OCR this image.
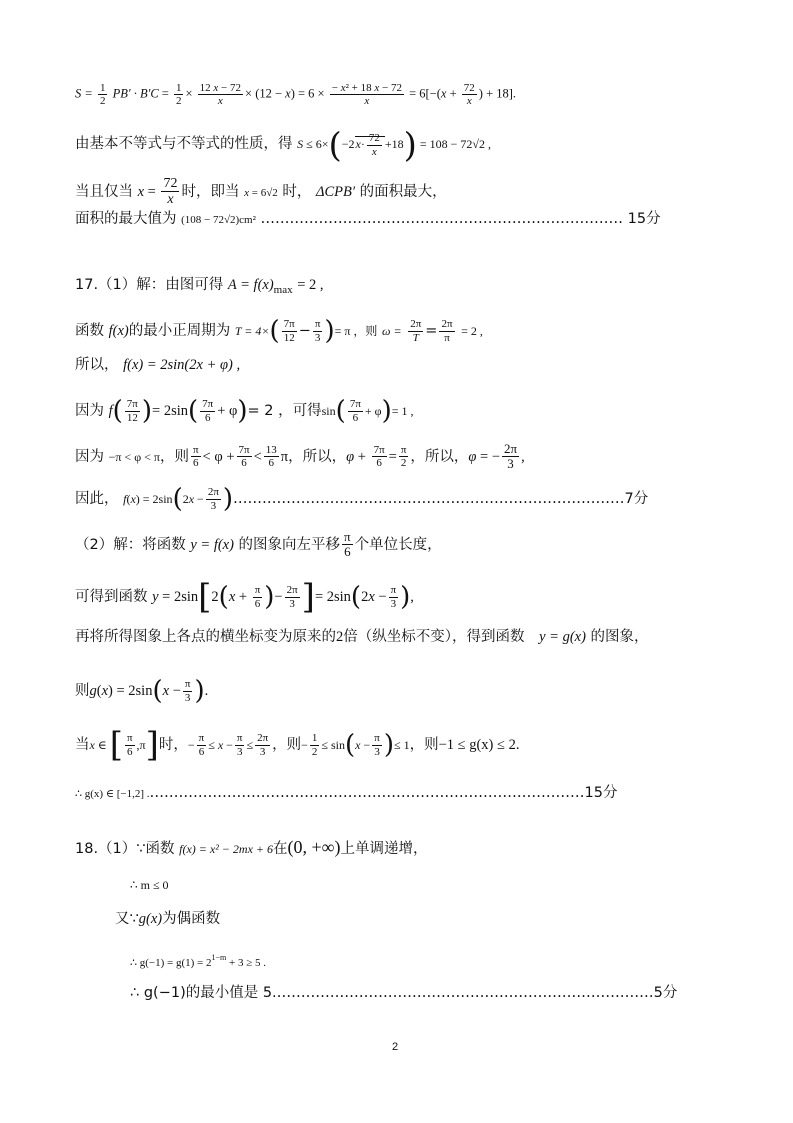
$S = \frac{1}{2} PB' \cdot B'C = \frac{1}{2} \times \frac{12 x - 72}{x} \times (12 - x) = 6 \times \frac{\text{− x² + 18 x − 72}}{x} = 6[-(x + \frac{72}{x}$ ) + 18].
由基本不等式与不等式的性质，得 $S \le 6\times(-2x\cdot \frac{72}{x} +18) = 108 - 72√2$ ,
当且仅当 $x = \frac{72}{x}$ 时，即当 x = 6√2 时， ΔCPB′ 的面积最大，
面积的最大值为 (108 − 72√2)cm² ………………………………………………………………… 15分
17.（1）解：由图可得 $A = f(x)_{max} = 2$ ,
函数 f(x)的最小正周期为 $T = 4\times( \frac{7\pi}{12} - \frac{\pi}{3}$ )= π ，则 $\omega = \frac{2\pi}{T} = \frac{2\pi}{\pi} = 2$ ,
所以， f(x) = 2sin(2x + φ) ,
因为 $f( \frac{7\pi}{12}$ )= $2\sin( \frac{7\pi}{6} + \varphi)= 2$ ，可得$\sin( \frac{7\pi}{6} + \varphi)= 1$ ,
因为 −π < φ < π，则 $\frac{\pi}{6} < \varphi + \frac{7\pi}{6} < \frac{13}{6}$ π，所以，$\varphi + \frac{7\pi}{6} = \frac{\pi}{2}$ ，所以，φ = − $\frac{2\pi}{3}$ ,
因此， $f(x) = 2\sin(2x - \frac{2\pi}{3}$ )………………………………………………………………………7分
（2）解：将函数 y = f(x) 的图象向左平移 $\frac{\pi}{6}$ 个单位长度，
可得到函数 $y = 2\sin[2(x + \frac{\pi}{6}$ )− $\frac{2\pi}{3}$ ]= $2\sin(2x - \frac{\pi}{3}$ ),
再将所得图象上各点的横坐标变为原来的2倍（纵坐标不变），得到函数 y = g(x) 的图象，
则$g(x) = 2\sin(x - \frac{\pi}{3}$ ).
当x ∈ [ $\frac{\pi}{6} ,\pi$]时，− $\frac{\pi}{6} \le x - \frac{\pi}{3} \le \frac{2\pi}{3}$ ，则− $\frac{1}{2} \le \sin(x - \frac{\pi}{3}$ )≤ 1，则−1 ≤ g(x) ≤ 2.
∴ g(x) ∈ [−1,2] .………………………………………………………………………………15分
18.（1）∵函数 f(x) = x² − 2mx + 6在(0, +∞)上单调递增，
∴ m ≤ 0
又∵g(x)为偶函数
∴ $g(-1) = g(1) = 2^{1-m} + 3 \ge 5$ .
∴ g(−1)的最小值是 5.……………………………………………………………………5分
2
